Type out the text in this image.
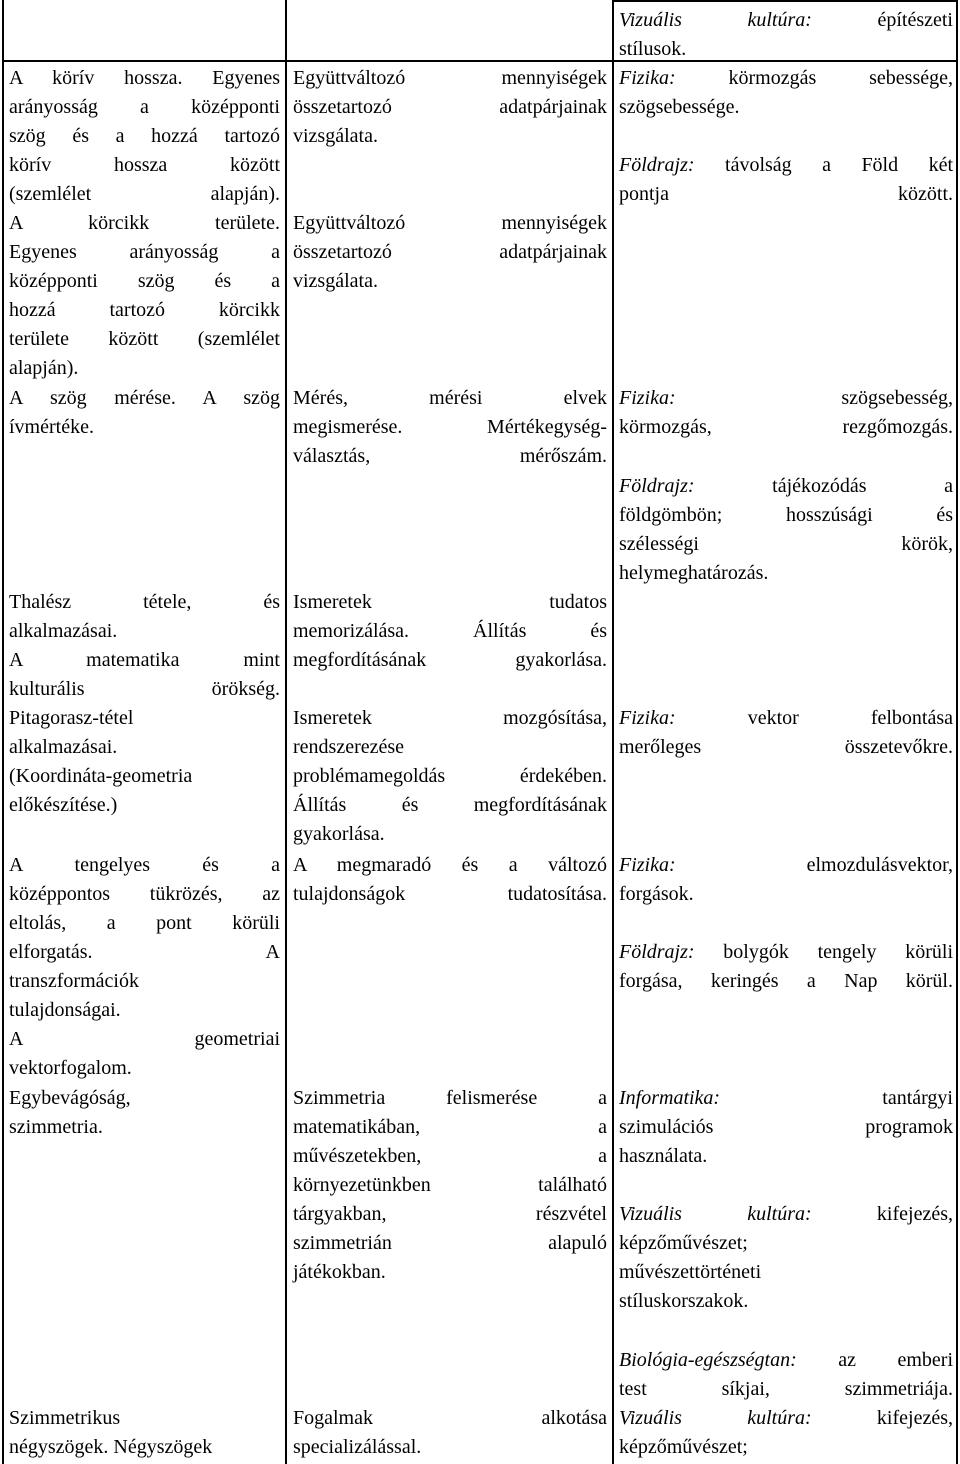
A körív hossza. Egyenes
arányosság a középponti
szög és a hozzá tartozó
körív hossza között

(szemlélet alapján).

A körcikk területe.
Egyenes arányosság a
középponti szög és a
hozzá tartozó körcikk
területe között (szemlélet

alapján).

A szög mérése. A szög

ívmértéke.

Thalész tétele, és

alkalmazásai.

A matematika mint

kulturális örökség.

Pitagorasz-tétel
alkalmazásai.
(Koordináta-geometria
előkészítése.)

A tengelyes és a
középpontos tükrözés, az
eltolás, a pont körüli
elforgatás. A

transzformációk
tulajdonságai.

A geometriai

vektorfogalom.

Egybevágóság,
szimmetria.

Szimmetrikus
négyszögek. Négyszögek

Együttváltozó mennyiségek
összetartozó adatpárjainak

vizsgálata.

Együttváltozó mennyiségek
összetartozó adatpárjainak

vizsgálata.

Mérés, mérési elvek
megismerése. Mértékegység-

választás, mérőszám.

Ismeretek tudatos
memorizálása. Állítás és

megfordításának gyakorlása.

Ismeretek mozgósítása,

rendszerezése
problémamegoldás érdekében.

Állítás és megfordításának

gyakorlása.

A megmaradó és a változó

tulajdonságok tudatosítása.

Szimmetria felismerése a
matematikában, a
művészetekben, a
környezetünkben található
tárgyakban, részvétel
szimmetrián alapuló

játékokban.

Fogalmak alkotása

specializálással.

Vizuális kultúra: építészeti

stílusok.

Fizika: körmozgás sebessége,

szögsebessége.

Földrajz: távolság a Föld két

pontja között.

Fizika: szögsebesség,

körmozgás, rezgőmozgás.

Földrajz: tájékozódás a
földgömbön; hosszúsági és
szélességi körök,

helymeghatározás.

Fizika: vektor felbontása

merőleges összetevőkre.

Fizika: elmozdulásvektor,

forgások.

Földrajz: bolygók tengely körüli

forgása, keringés a Nap körül.

Informatika: tantárgyi
szimulációs programok

használata.

Vizuális kultúra: kifejezés,

képzőművészet;
művészettörténeti
stíluskorszakok.

Biológia-egészségtan: az emberi

test síkjai, szimmetriája.

Vizuális kultúra: kifejezés,

képzőművészet;
